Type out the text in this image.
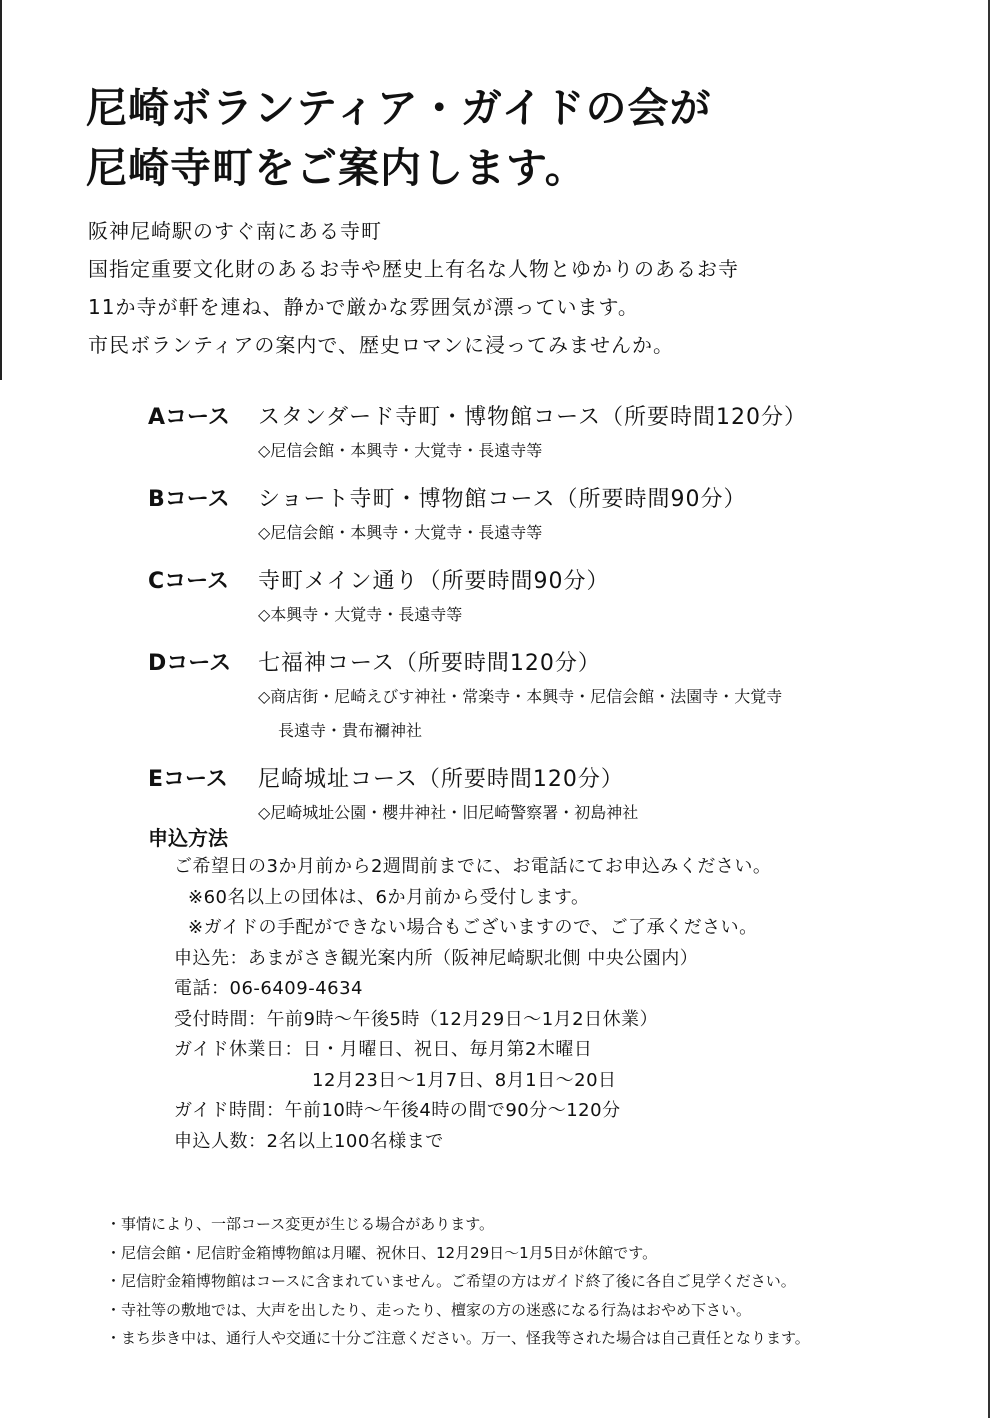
尼崎ボランティア・ガイドの会が
尼崎寺町をご案内します。
阪神尼崎駅のすぐ南にある寺町
国指定重要文化財のあるお寺や歴史上有名な人物とゆかりのあるお寺
11か寺が軒を連ね、静かで厳かな雰囲気が漂っています。
市民ボランティアの案内で、歴史ロマンに浸ってみませんか。
Aコース	スタンダード寺町・博物館コース（所要時間120分）
◇尼信会館・本興寺・大覚寺・長遠寺等
Bコース	ショート寺町・博物館コース（所要時間90分）
◇尼信会館・本興寺・大覚寺・長遠寺等
Cコース	寺町メイン通り（所要時間90分）
◇本興寺・大覚寺・長遠寺等
Dコース	七福神コース（所要時間120分）
◇商店街・尼崎えびす神社・常楽寺・本興寺・尼信会館・法園寺・大覚寺
長遠寺・貴布禰神社
Eコース	尼崎城址コース（所要時間120分）
◇尼崎城址公園・櫻井神社・旧尼崎警察署・初島神社
申込方法
ご希望日の3か月前から2週間前までに、お電話にてお申込みください。
※60名以上の団体は、6か月前から受付します。
※ガイドの手配ができない場合もございますので、ご了承ください。
申込先：あまがさき観光案内所（阪神尼崎駅北側 中央公園内）
電話：06-6409-4634
受付時間：午前9時〜午後5時（12月29日〜1月2日休業）
ガイド休業日：日・月曜日、祝日、毎月第2木曜日
12月23日〜1月7日、8月1日〜20日
ガイド時間：午前10時〜午後4時の間で90分〜120分
申込人数：2名以上100名様まで
・事情により、一部コース変更が生じる場合があります。
・尼信会館・尼信貯金箱博物館は月曜、祝休日、12月29日〜1月5日が休館です。
・尼信貯金箱博物館はコースに含まれていません。ご希望の方はガイド終了後に各自ご見学ください。
・寺社等の敷地では、大声を出したり、走ったり、檀家の方の迷惑になる行為はおやめ下さい。
・まち歩き中は、通行人や交通に十分ご注意ください。万一、怪我等された場合は自己責任となります。
